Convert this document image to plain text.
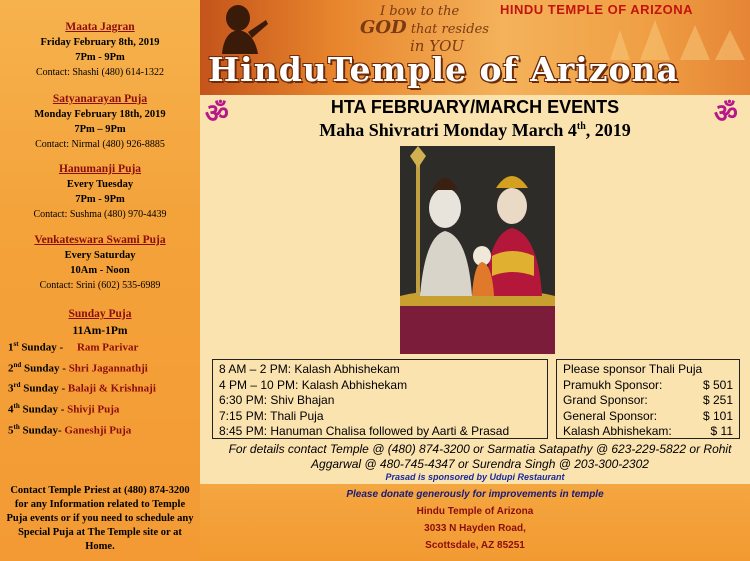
Maata Jagran
Friday February 8th, 2019
7Pm - 9Pm
Contact: Shashi (480) 614-1322
Satyanarayan Puja
Monday February 18th, 2019
7Pm – 9Pm
Contact: Nirmal (480) 926-8885
Hanumanji Puja
Every Tuesday
7Pm - 9Pm
Contact: Sushma (480) 970-4439
Venkateswara Swami Puja
Every Saturday
10Am - Noon
Contact: Srini (602) 535-6989
Sunday Puja
11Am-1Pm
1st Sunday -     Ram Parivar
2nd Sunday - Shri Jagannathji
3rd Sunday - Balaji & Krishnaji
4th Sunday - Shivji Puja
5th Sunday- Ganeshji Puja
Contact Temple Priest at (480) 874-3200 for any Information related to Temple Puja events or if you need to schedule any Special Puja at The Temple site or at Home.
I bow to the
GOD that resides
in YOU
HINDU TEMPLE OF ARIZONA
HinduTemple of Arizona
ॐ	ॐ
HTA FEBRUARY/MARCH EVENTS
Maha Shivratri Monday March 4th, 2019
8 AM – 2 PM: Kalash Abhishekam
4 PM – 10 PM: Kalash Abhishekam
6:30 PM: Shiv Bhajan
7:15 PM: Thali Puja
8:45 PM: Hanuman Chalisa followed by Aarti & Prasad
Please sponsor Thali Puja
Pramukh Sponsor:	$ 501
Grand Sponsor:	$ 251
General Sponsor:	$ 101
Kalash Abhishekam:	$ 11
For details contact Temple @ (480) 874-3200 or Sarmatia Satapathy @ 623-229-5822 or Rohit Aggarwal @ 480-745-4347 or Surendra Singh @ 203-300-2302
Prasad is sponsored by Udupi Restaurant
Please donate generously for improvements in temple
Hindu Temple of Arizona
3033 N Hayden Road,
Scottsdale, AZ 85251
